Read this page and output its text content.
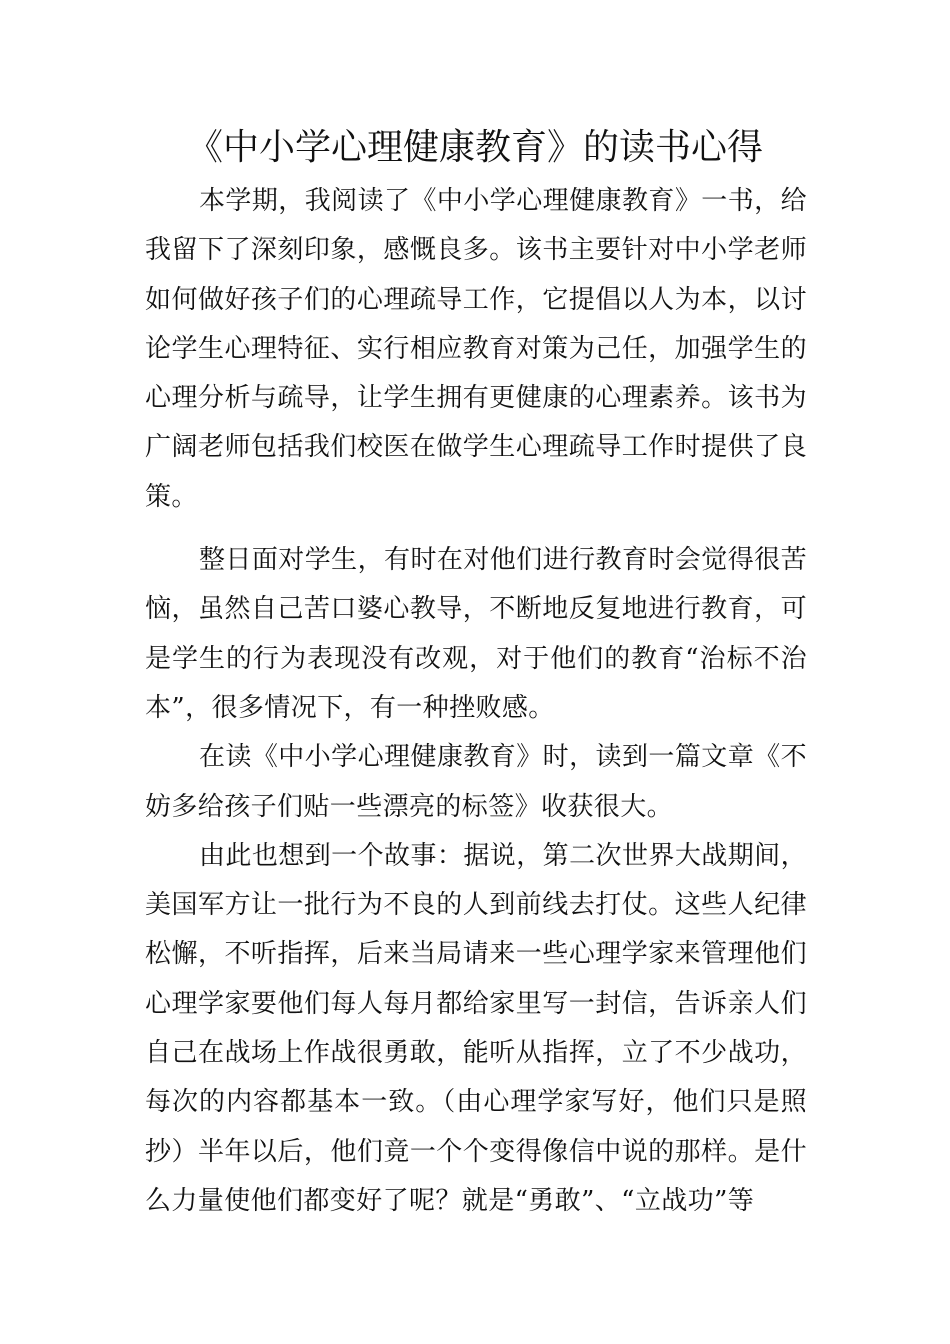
《中小学心理健康教育》的读书心得

本学期，我阅读了《中小学心理健康教育》一书，给我留下了深刻印象，感慨良多。该书主要针对中小学老师如何做好孩子们的心理疏导工作，它提倡以人为本，以讨论学生心理特征、实行相应教育对策为己任，加强学生的心理分析与疏导，让学生拥有更健康的心理素养。该书为广阔老师包括我们校医在做学生心理疏导工作时提供了良策。

整日面对学生，有时在对他们进行教育时会觉得很苦恼，虽然自己苦口婆心教导，不断地反复地进行教育，可是学生的行为表现没有改观，对于他们的教育“治标不治本”，很多情况下，有一种挫败感。

在读《中小学心理健康教育》时，读到一篇文章《不妨多给孩子们贴一些漂亮的标签》收获很大。

由此也想到一个故事：据说，第二次世界大战期间，美国军方让一批行为不良的人到前线去打仗。这些人纪律松懈，不听指挥，后来当局请来一些心理学家来管理他们心理学家要他们每人每月都给家里写一封信，告诉亲人们自己在战场上作战很勇敢，能听从指挥，立了不少战功，每次的内容都基本一致。（由心理学家写好，他们只是照抄）半年以后，他们竟一个个变得像信中说的那样。是什么力量使他们都变好了呢？就是“勇敢”、“立战功”等
